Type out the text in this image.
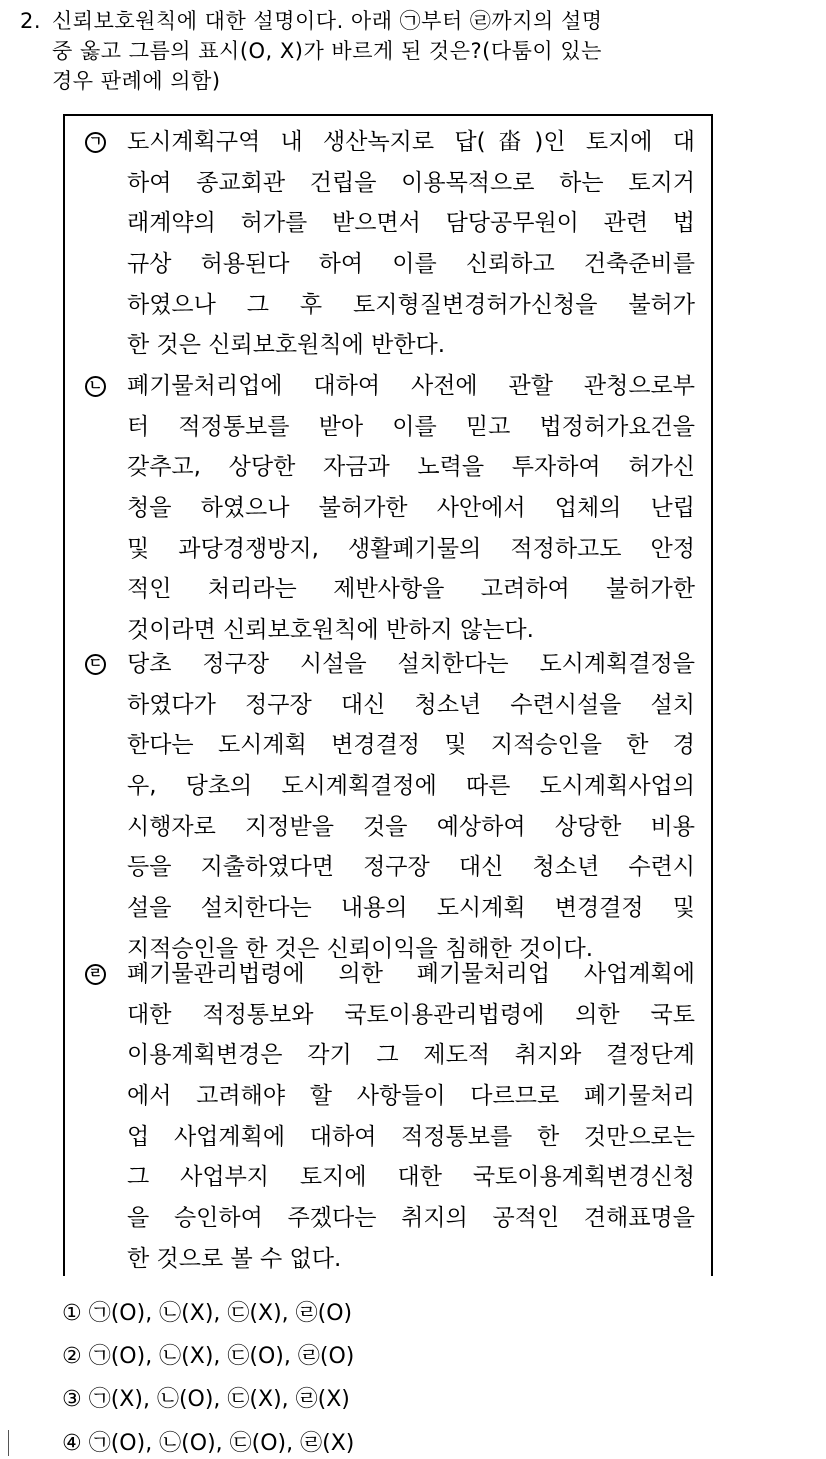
2. 신뢰보호원칙에 대한 설명이다. 아래 ㉠부터 ㉣까지의 설명
중 옳고 그름의 표시(O, X)가 바르게 된 것은?(다툼이 있는
경우 판례에 의함)
ㄱ	도시계획구역 내 생산녹지로 답(畓)인 토지에 대
하여 종교회관 건립을 이용목적으로 하는 토지거
래계약의 허가를 받으면서 담당공무원이 관련 법
규상 허용된다 하여 이를 신뢰하고 건축준비를
하였으나 그 후 토지형질변경허가신청을 불허가
한 것은 신뢰보호원칙에 반한다.
ㄴ	폐기물처리업에 대하여 사전에 관할 관청으로부
터 적정통보를 받아 이를 믿고 법정허가요건을
갖추고, 상당한 자금과 노력을 투자하여 허가신
청을 하였으나 불허가한 사안에서 업체의 난립
및 과당경쟁방지, 생활폐기물의 적정하고도 안정
적인 처리라는 제반사항을 고려하여 불허가한
것이라면 신뢰보호원칙에 반하지 않는다.
ㄷ	당초 정구장 시설을 설치한다는 도시계획결정을
하였다가 정구장 대신 청소년 수련시설을 설치
한다는 도시계획 변경결정 및 지적승인을 한 경
우, 당초의 도시계획결정에 따른 도시계획사업의
시행자로 지정받을 것을 예상하여 상당한 비용
등을 지출하였다면 정구장 대신 청소년 수련시
설을 설치한다는 내용의 도시계획 변경결정 및
지적승인을 한 것은 신뢰이익을 침해한 것이다.
ㄹ	폐기물관리법령에 의한 폐기물처리업 사업계획에
대한 적정통보와 국토이용관리법령에 의한 국토
이용계획변경은 각기 그 제도적 취지와 결정단계
에서 고려해야 할 사항들이 다르므로 폐기물처리
업 사업계획에 대하여 적정통보를 한 것만으로는
그 사업부지 토지에 대한 국토이용계획변경신청
을 승인하여 주겠다는 취지의 공적인 견해표명을
한 것으로 볼 수 없다.
① ㉠(O), ㉡(X), ㉢(X), ㉣(O)
② ㉠(O), ㉡(X), ㉢(O), ㉣(O)
③ ㉠(X), ㉡(O), ㉢(X), ㉣(X)
④ ㉠(O), ㉡(O), ㉢(O), ㉣(X)
